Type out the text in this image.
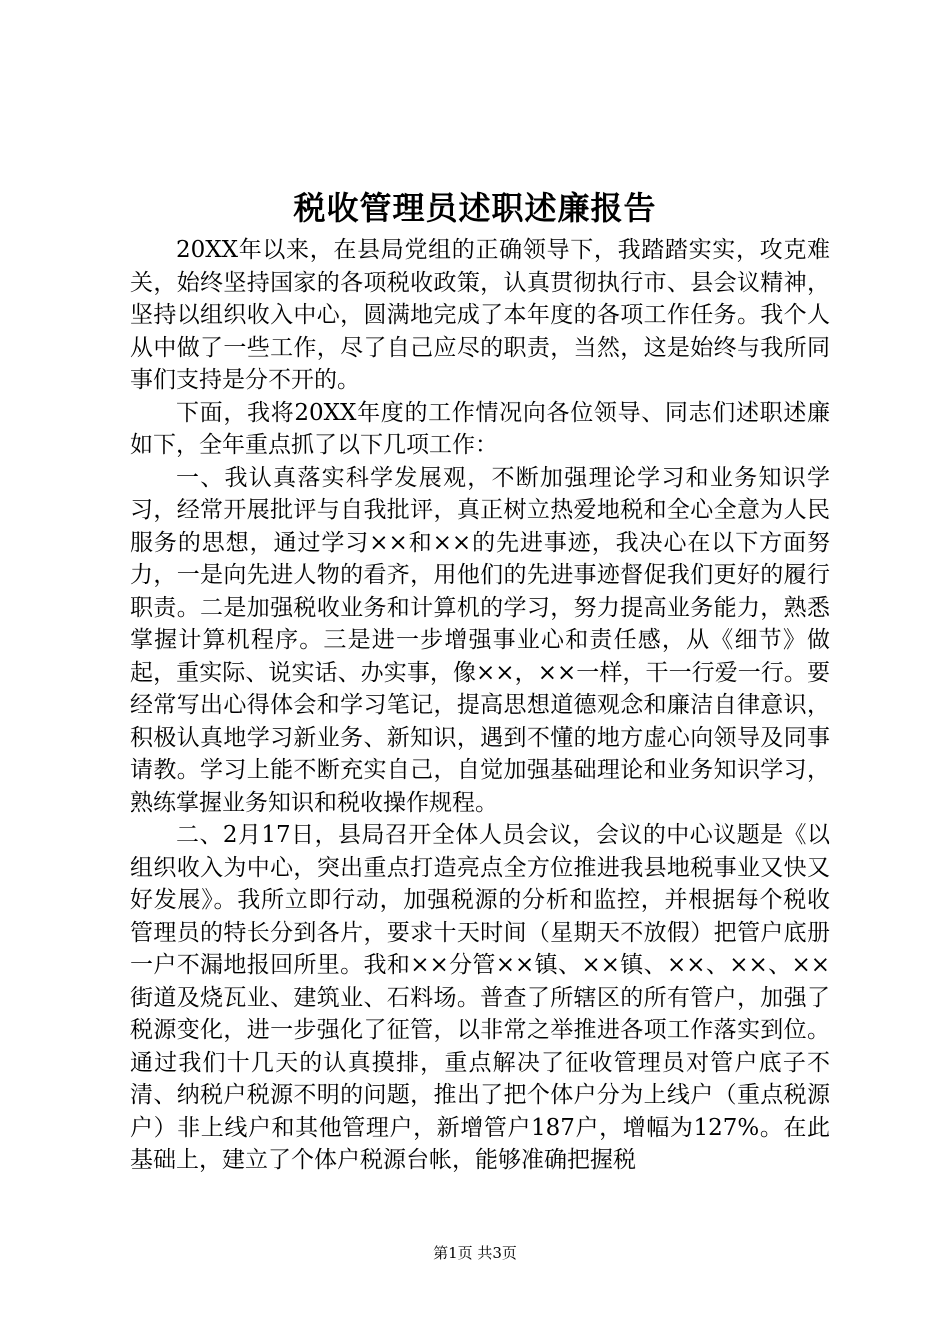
税收管理员述职述廉报告

20XX年以来，在县局党组的正确领导下，我踏踏实实，攻克难关，始终坚持国家的各项税收政策，认真贯彻执行市、县会议精神，坚持以组织收入中心，圆满地完成了本年度的各项工作任务。我个人从中做了一些工作，尽了自己应尽的职责，当然，这是始终与我所同事们支持是分不开的。

下面，我将20XX年度的工作情况向各位领导、同志们述职述廉如下，全年重点抓了以下几项工作：

一、我认真落实科学发展观，不断加强理论学习和业务知识学习，经常开展批评与自我批评，真正树立热爱地税和全心全意为人民服务的思想，通过学习××和××的先进事迹，我决心在以下方面努力，一是向先进人物的看齐，用他们的先进事迹督促我们更好的履行职责。二是加强税收业务和计算机的学习，努力提高业务能力，熟悉掌握计算机程序。三是进一步增强事业心和责任感，从《细节》做起，重实际、说实话、办实事，像××，××一样，干一行爱一行。要经常写出心得体会和学习笔记，提高思想道德观念和廉洁自律意识，积极认真地学习新业务、新知识，遇到不懂的地方虚心向领导及同事请教。学习上能不断充实自己，自觉加强基础理论和业务知识学习，熟练掌握业务知识和税收操作规程。

二、2月17日，县局召开全体人员会议，会议的中心议题是《以组织收入为中心，突出重点打造亮点全方位推进我县地税事业又快又好发展》。我所立即行动，加强税源的分析和监控，并根据每个税收管理员的特长分到各片，要求十天时间（星期天不放假）把管户底册一户不漏地报回所里。我和××分管××镇、××镇、××、××、××街道及烧瓦业、建筑业、石料场。普查了所辖区的所有管户，加强了税源变化，进一步强化了征管，以非常之举推进各项工作落实到位。通过我们十几天的认真摸排，重点解决了征收管理员对管户底子不清、纳税户税源不明的问题，推出了把个体户分为上线户（重点税源户）非上线户和其他管理户，新增管户187户，增幅为127%。在此基础上，建立了个体户税源台帐，能够准确把握税

第1页 共3页
